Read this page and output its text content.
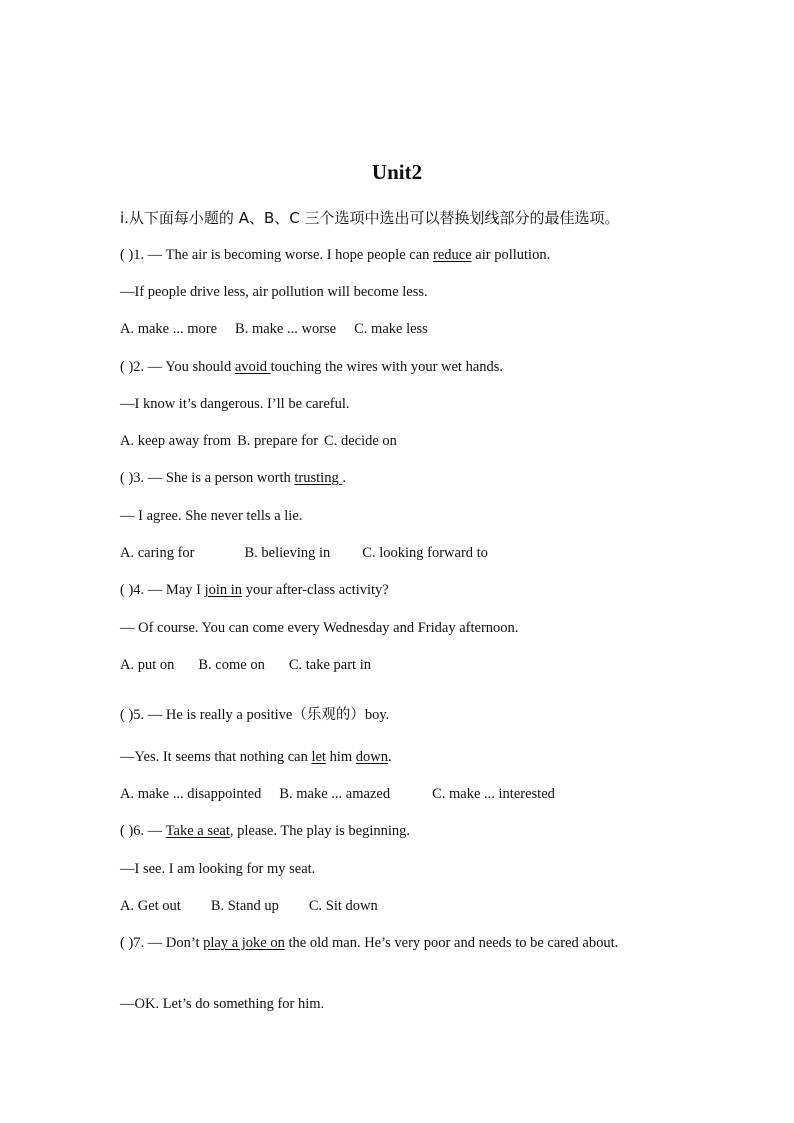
Unit2
i.从下面每小题的 A、B、C 三个选项中选出可以替换划线部分的最佳选项。
( )1. — The air is becoming worse. I hope people can reduce air pollution.
—If people drive less, air pollution will become less.
A. make ... more B. make ... worse C. make less
( )2. — You should avoid touching the wires with your wet hands.
—I know it’s dangerous. I’ll be careful.
A. keep away from B. prepare for C. decide on
( )3. — She is a person worth trusting .
— I agree. She never tells a lie.
A. caring for	B. believing in C. looking forward to
( )4. — May I join in your after-class activity?
— Of course. You can come every Wednesday and Friday afternoon.
A. put on B. come on C. take part in
( )5. — He is really a positive（乐观的）boy.
—Yes. It seems that nothing can let him down.
A. make ... disappointed B. make ... amazed	C. make ... interested
( )6. — Take a seat, please. The play is beginning.
—I see. I am looking for my seat.
A. Get out B. Stand up C. Sit down
( )7. — Don’t play a joke on the old man. He’s very poor and needs to be cared about.
—OK. Let’s do something for him.
